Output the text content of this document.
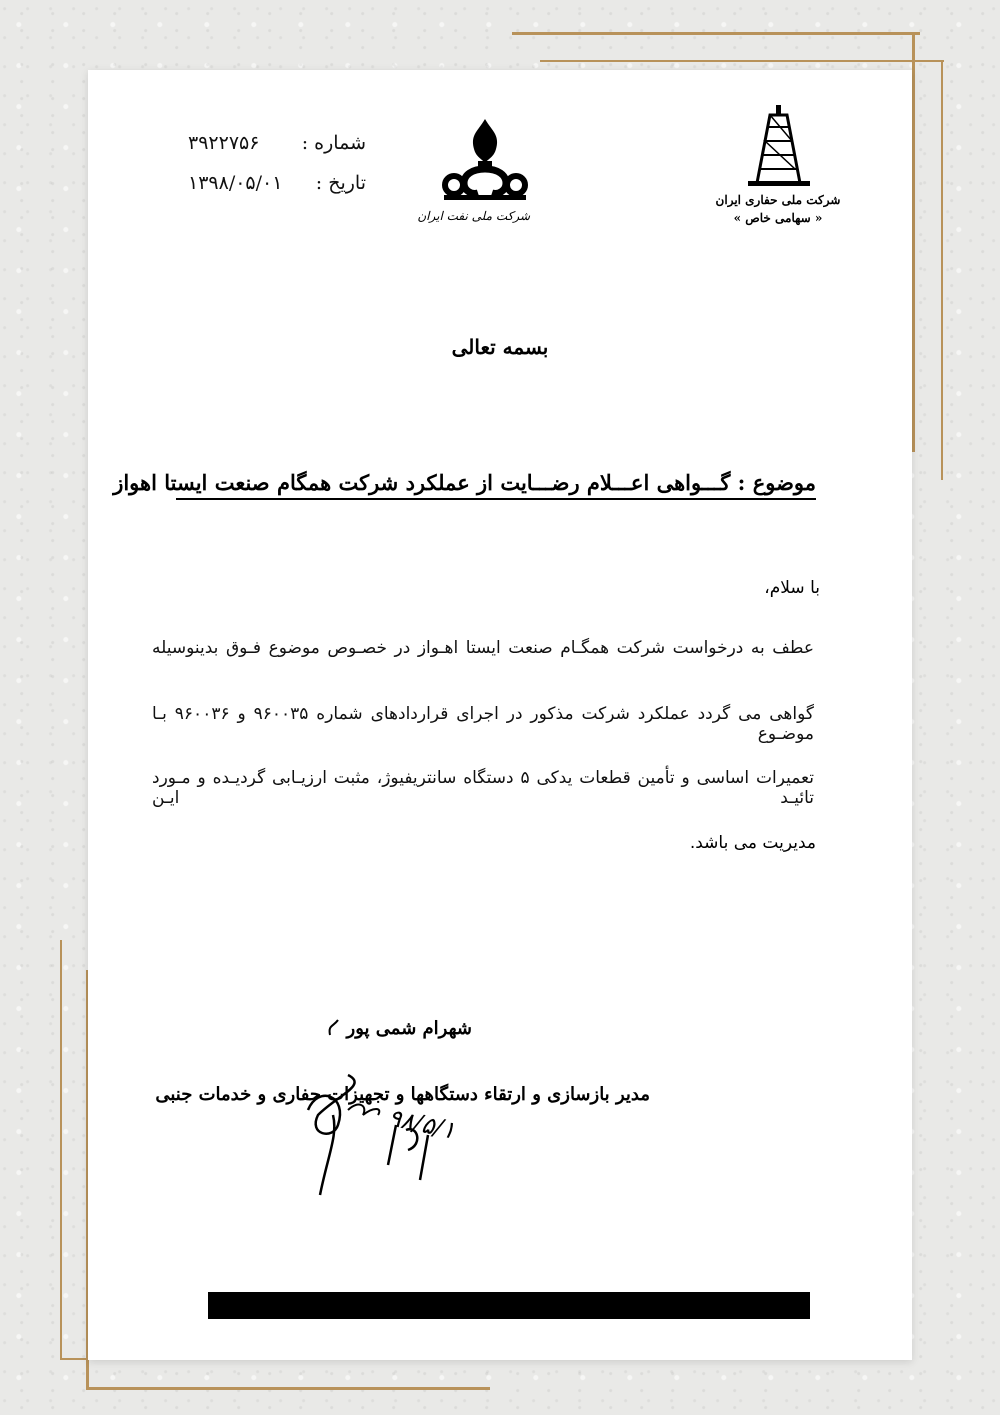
۳۹۲۲۷۵۶ شماره :
۱۳۹۸/۰۵/۰۱ تاریخ :
شرکت ملی نفت ایران
شرکت ملی حفاری ایران
« سهامی خاص »
بسمه تعالی
موضوع : گـــواهی اعـــلام رضـــایت از عملکرد شرکت همگام صنعت ایستا اهواز
با سلام،
عطف به درخواست شرکت همگـام صنعت ایستا اهـواز در خصـوص موضوع فـوق بدینوسیله
گواهی می گردد عملکرد شرکت مذکور در اجرای قراردادهای شماره ۹۶۰۰۳۵ و ۹۶۰۰۳۶ بـا موضـوع
تعمیرات اساسی و تأمین قطعات یدکی ۵ دستگاه سانتریفیوژ، مثبت ارزیـابی گردیـده و مـورد تائیـد ایـن
مدیریت می باشد.
شهرام شمی پور
مدیر بازسازی و ارتقاء دستگاهها و تجهیزات حفاری و خدمات جنبی
۹۸/۵/۱
